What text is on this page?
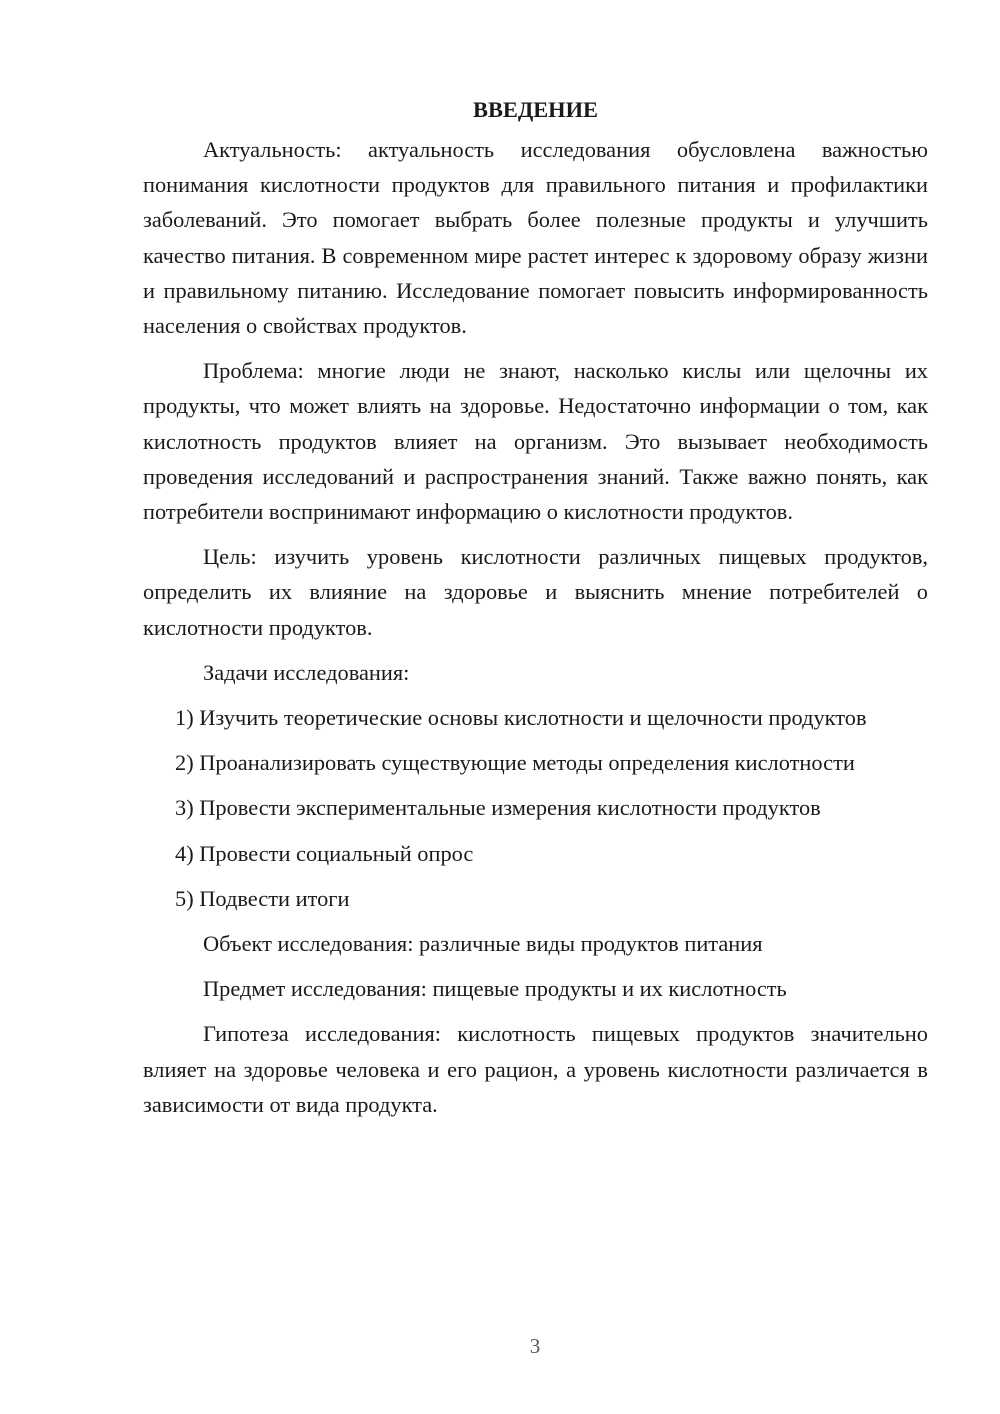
ВВЕДЕНИЕ

Актуальность: актуальность исследования обусловлена важностью понимания кислотности продуктов для правильного питания и профилактики заболеваний. Это помогает выбрать более полезные продукты и улучшить качество питания. В современном мире растет интерес к здоровому образу жизни и правильному питанию. Исследование помогает повысить информированность населения о свойствах продуктов.

Проблема: многие люди не знают, насколько кислы или щелочны их продукты, что может влиять на здоровье. Недостаточно информации о том, как кислотность продуктов влияет на организм. Это вызывает необходимость проведения исследований и распространения знаний. Также важно понять, как потребители воспринимают информацию о кислотности продуктов.

Цель: изучить уровень кислотности различных пищевых продуктов, определить их влияние на здоровье и выяснить мнение потребителей о кислотности продуктов.

Задачи исследования:

1) Изучить теоретические основы кислотности и щелочности продуктов

2) Проанализировать существующие методы определения кислотности

3) Провести экспериментальные измерения кислотности продуктов

4) Провести социальный опрос

5) Подвести итоги

Объект исследования: различные виды продуктов питания

Предмет исследования: пищевые продукты и их кислотность

Гипотеза исследования: кислотность пищевых продуктов значительно влияет на здоровье человека и его рацион, а уровень кислотности различается в зависимости от вида продукта.

3
